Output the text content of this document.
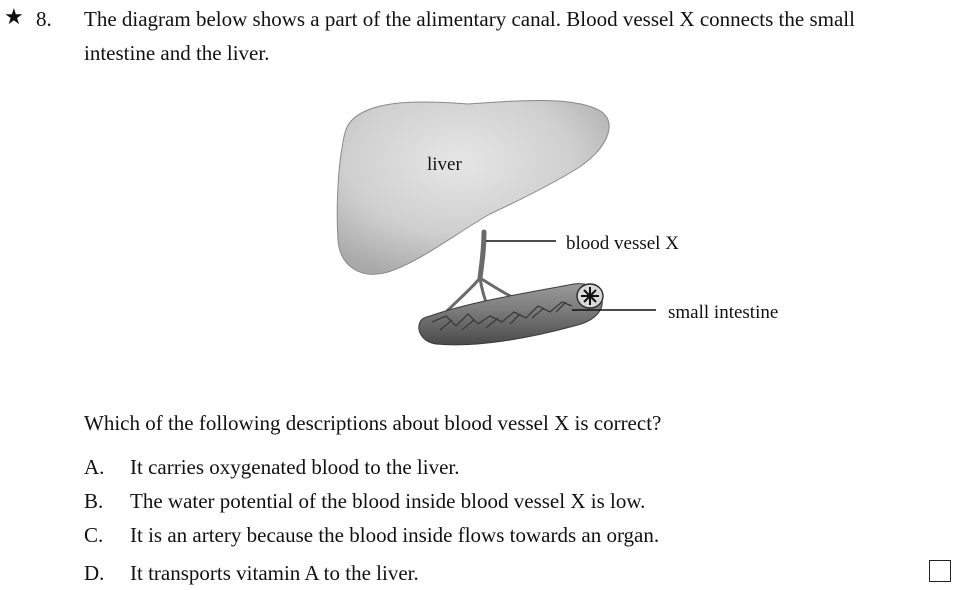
★ 8. The diagram below shows a part of the alimentary canal. Blood vessel X connects the small
intestine and the liver.
liver
blood vessel X
small intestine
Which of the following descriptions about blood vessel X is correct?
A. It carries oxygenated blood to the liver.
B. The water potential of the blood inside blood vessel X is low.
C. It is an artery because the blood inside flows towards an organ.
D. It transports vitamin A to the liver.
